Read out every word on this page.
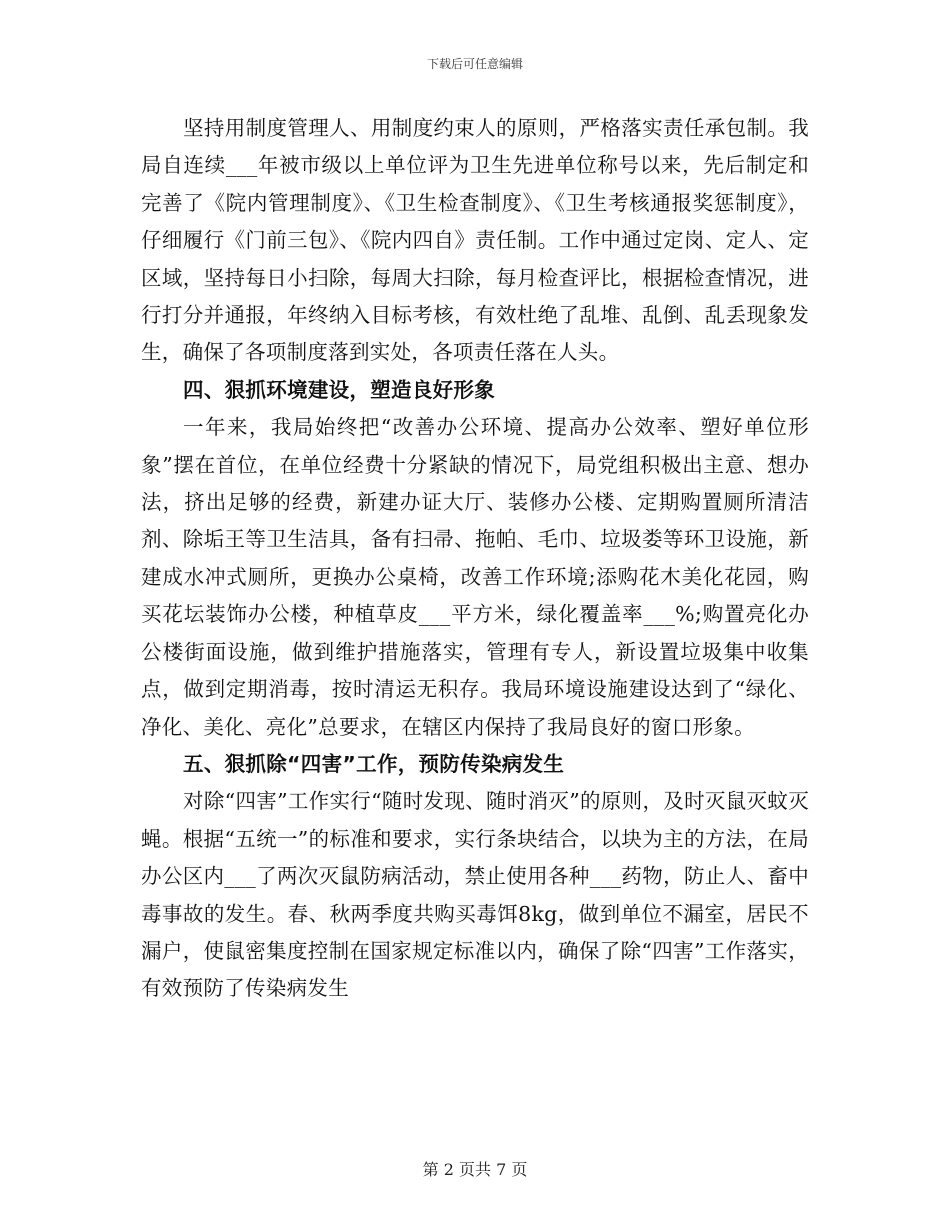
下载后可任意编辑

坚持用制度管理人、用制度约束人的原则，严格落实责任承包制。我局自连续___年被市级以上单位评为卫生先进单位称号以来，先后制定和完善了《院内管理制度》、《卫生检查制度》、《卫生考核通报奖惩制度》，仔细履行《门前三包》、《院内四自》责任制。工作中通过定岗、定人、定区域，坚持每日小扫除，每周大扫除，每月检查评比，根据检查情况，进行打分并通报，年终纳入目标考核，有效杜绝了乱堆、乱倒、乱丢现象发生，确保了各项制度落到实处，各项责任落在人头。

四、狠抓环境建设，塑造良好形象

一年来，我局始终把“改善办公环境、提高办公效率、塑好单位形象”摆在首位，在单位经费十分紧缺的情况下，局党组积极出主意、想办法，挤出足够的经费，新建办证大厅、装修办公楼、定期购置厕所清洁剂、除垢王等卫生洁具，备有扫帚、拖帕、毛巾、垃圾娄等环卫设施，新建成水冲式厕所，更换办公桌椅，改善工作环境;添购花木美化花园，购买花坛装饰办公楼，种植草皮___平方米，绿化覆盖率___%;购置亮化办公楼街面设施，做到维护措施落实，管理有专人，新设置垃圾集中收集点，做到定期消毒，按时清运无积存。我局环境设施建设达到了“绿化、净化、美化、亮化”总要求，在辖区内保持了我局良好的窗口形象。

五、狠抓除“四害”工作，预防传染病发生

对除“四害”工作实行“随时发现、随时消灭”的原则，及时灭鼠灭蚊灭蝇。根据“五统一”的标准和要求，实行条块结合，以块为主的方法，在局办公区内___了两次灭鼠防病活动，禁止使用各种___药物，防止人、畜中毒事故的发生。春、秋两季度共购买毒饵8kg，做到单位不漏室，居民不漏户，使鼠密集度控制在国家规定标准以内，确保了除“四害”工作落实，有效预防了传染病发生

第 2 页共 7 页
